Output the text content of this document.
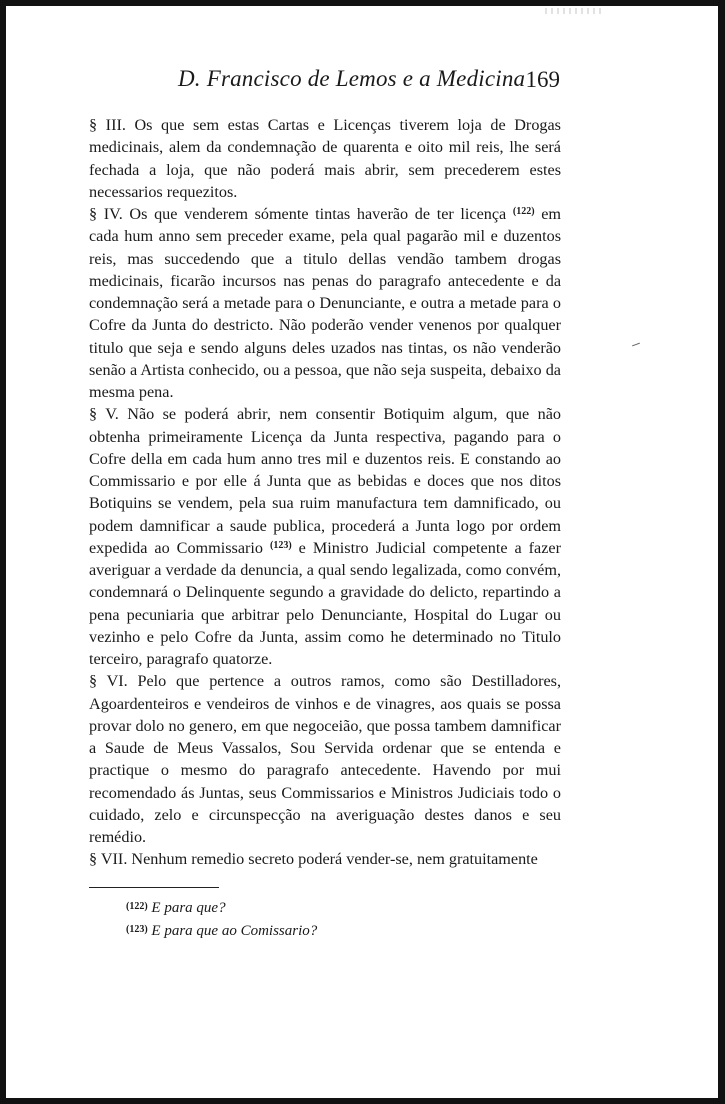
D. Francisco de Lemos e a Medicina 169

§ III. Os que sem estas Cartas e Licenças tiverem loja de Drogas medicinais, alem da condemnação de quarenta e oito mil reis, lhe será fechada a loja, que não poderá mais abrir, sem precederem estes necessarios requezitos.

§ IV. Os que venderem sómente tintas haverão de ter licença $^{(122)}$ em cada hum anno sem preceder exame, pela qual pagarão mil e duzentos reis, mas succedendo que a titulo dellas vendão tambem drogas medicinais, ficarão incursos nas penas do paragrafo antecedente e da condemnação será a metade para o Denunciante, e outra a metade para o Cofre da Junta do destricto. Não poderão vender venenos por qualquer titulo que seja e sendo alguns deles uzados nas tintas, os não venderão senão a Artista conhecido, ou a pessoa, que não seja suspeita, debaixo da mesma pena.

§ V. Não se poderá abrir, nem consentir Botiquim algum, que não obtenha primeiramente Licença da Junta respectiva, pagando para o Cofre della em cada hum anno tres mil e duzentos reis. E constando ao Commissario e por elle á Junta que as bebidas e doces que nos ditos Botiquins se vendem, pela sua ruim manufactura tem damnificado, ou podem damnificar a saude publica, procederá a Junta logo por ordem expedida ao Commissario $^{(123)}$ e Ministro Judicial competente a fazer averiguar a verdade da denuncia, a qual sendo legalizada, como convém, condemnará o Delinquente segundo a gravidade do delicto, repartindo a pena pecuniaria que arbitrar pelo Denunciante, Hospital do Lugar ou vezinho e pelo Cofre da Junta, assim como he determinado no Titulo terceiro, paragrafo quatorze.

§ VI. Pelo que pertence a outros ramos, como são Destilladores, Agoardenteiros e vendeiros de vinhos e de vinagres, aos quais se possa provar dolo no genero, em que negoceião, que possa tambem damnificar a Saude de Meus Vassalos, Sou Servida ordenar que se entenda e practique o mesmo do paragrafo antecedente. Havendo por mui recomendado ás Juntas, seus Commissarios e Ministros Judiciais todo o cuidado, zelo e circunspecção na averiguação destes danos e seu remédio.

§ VII. Nenhum remedio secreto poderá vender-se, nem gratuitamente

$^{(122)}$ E para que?
$^{(123)}$ E para que ao Comissario?
